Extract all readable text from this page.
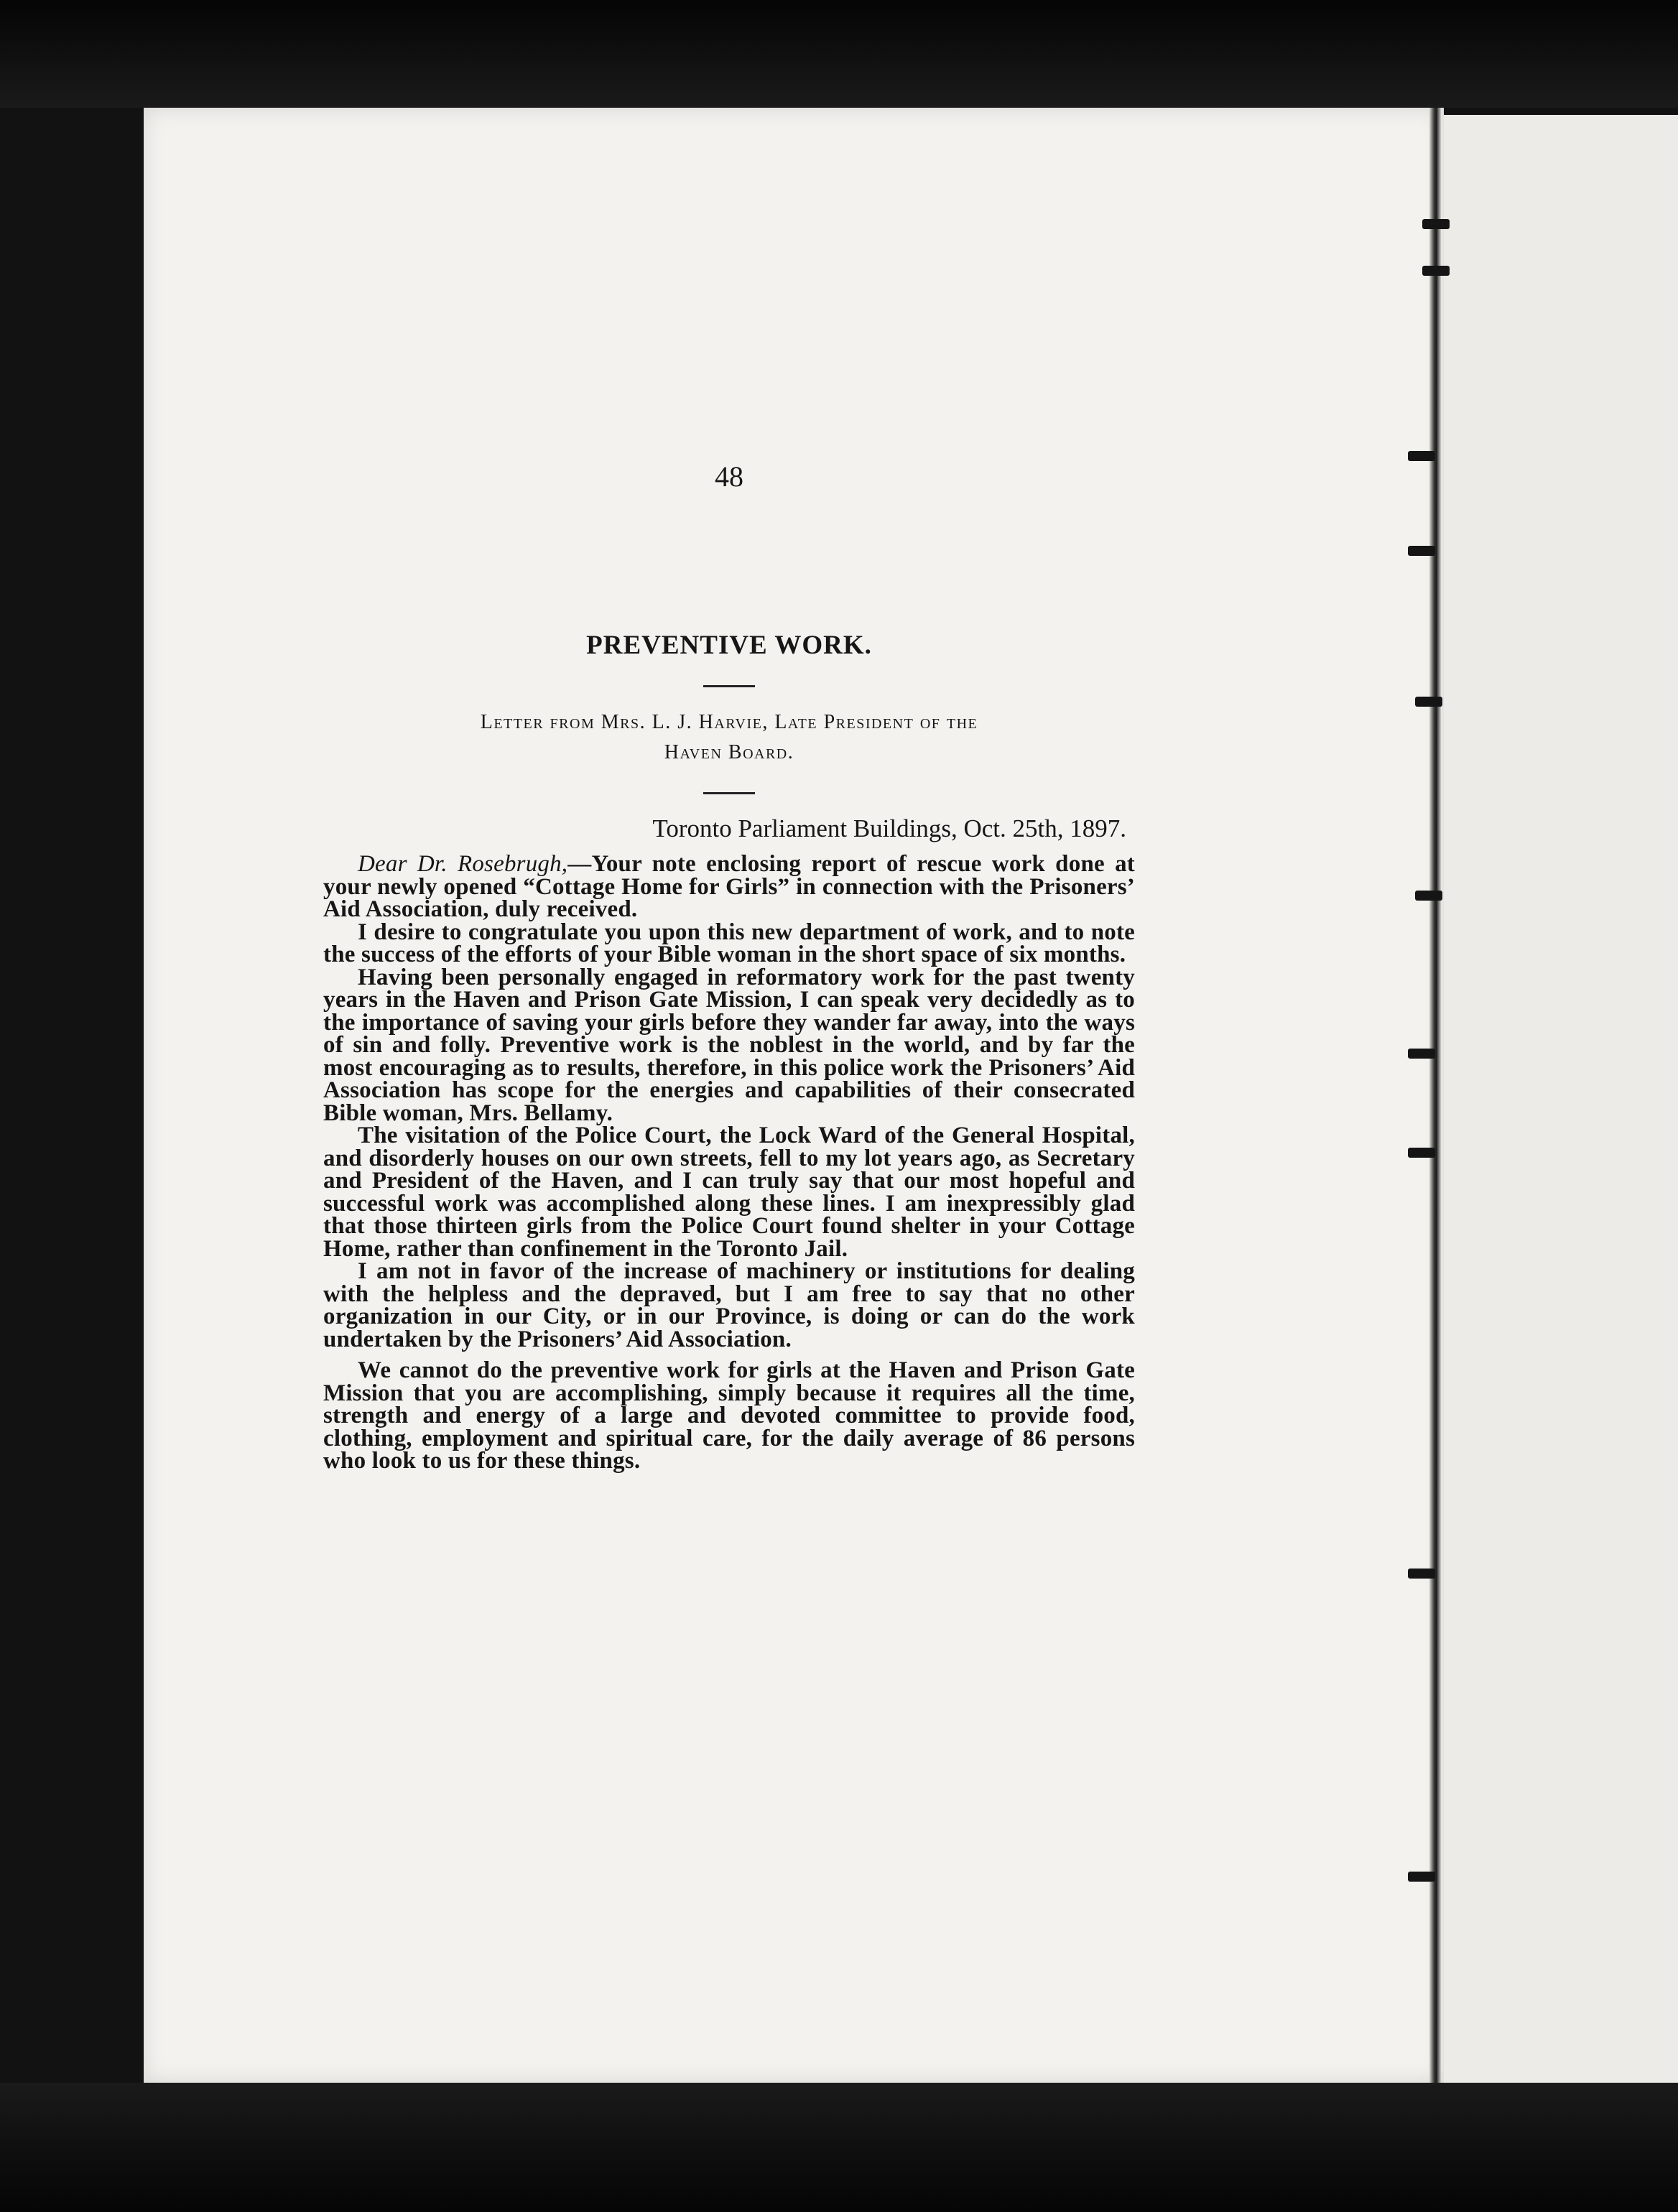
48
PREVENTIVE WORK.
Letter from Mrs. L. J. Harvie, Late President of the
Haven Board.
Toronto Parliament Buildings, Oct. 25th, 1897.

Dear Dr. Rosebrugh,—Your note enclosing report of rescue work done at your newly opened “Cottage Home for Girls” in connection with the Prisoners’ Aid Association, duly received.

I desire to congratulate you upon this new department of work, and to note the success of the efforts of your Bible woman in the short space of six months.

Having been personally engaged in reformatory work for the past twenty years in the Haven and Prison Gate Mission, I can speak very decidedly as to the importance of saving your girls before they wander far away, into the ways of sin and folly. Preventive work is the noblest in the world, and by far the most encouraging as to results, therefore, in this police work the Prisoners’ Aid Association has scope for the energies and capabilities of their consecrated Bible woman, Mrs. Bellamy.

The visitation of the Police Court, the Lock Ward of the General Hospital, and disorderly houses on our own streets, fell to my lot years ago, as Secretary and President of the Haven, and I can truly say that our most hopeful and successful work was accomplished along these lines. I am inexpressibly glad that those thirteen girls from the Police Court found shelter in your Cottage Home, rather than confinement in the Toronto Jail.

I am not in favor of the increase of machinery or institutions for dealing with the helpless and the depraved, but I am free to say that no other organization in our City, or in our Province, is doing or can do the work undertaken by the Prisoners’ Aid Association.

We cannot do the preventive work for girls at the Haven and Prison Gate Mission that you are accomplishing, simply because it requires all the time, strength and energy of a large and devoted committee to provide food, clothing, employment and spiritual care, for the daily average of 86 persons who look to us for these things.
